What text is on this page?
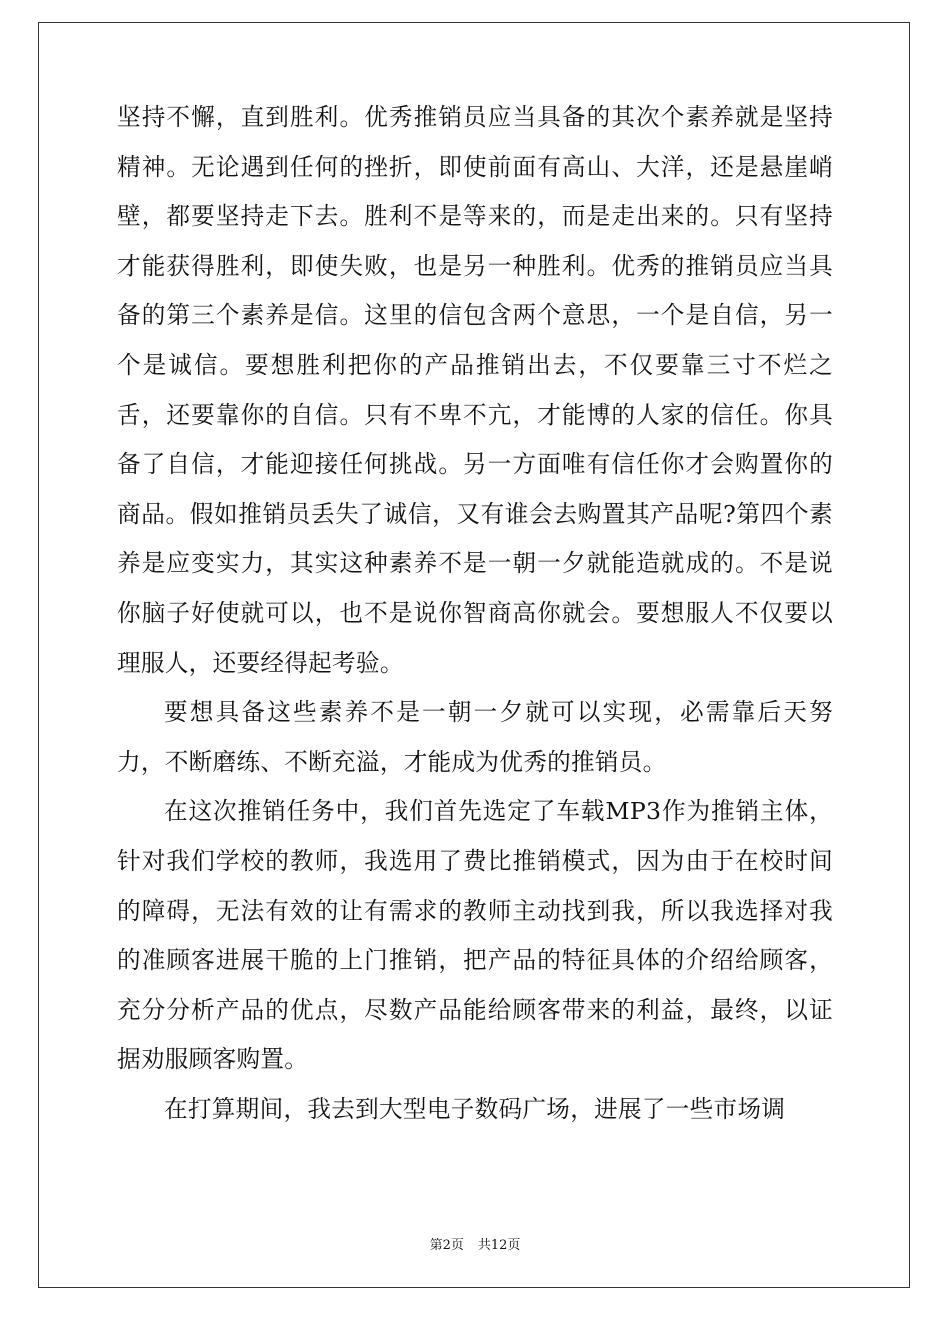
坚持不懈，直到胜利。优秀推销员应当具备的其次个素养就是坚持精神。无论遇到任何的挫折，即使前面有高山、大洋，还是悬崖峭壁，都要坚持走下去。胜利不是等来的，而是走出来的。只有坚持才能获得胜利，即使失败，也是另一种胜利。优秀的推销员应当具备的第三个素养是信。这里的信包含两个意思，一个是自信，另一个是诚信。要想胜利把你的产品推销出去，不仅要靠三寸不烂之舌，还要靠你的自信。只有不卑不亢，才能博的人家的信任。你具备了自信，才能迎接任何挑战。另一方面唯有信任你才会购置你的商品。假如推销员丢失了诚信，又有谁会去购置其产品呢?第四个素养是应变实力，其实这种素养不是一朝一夕就能造就成的。不是说你脑子好使就可以，也不是说你智商高你就会。要想服人不仅要以理服人，还要经得起考验。

要想具备这些素养不是一朝一夕就可以实现，必需靠后天努力，不断磨练、不断充溢，才能成为优秀的推销员。

在这次推销任务中，我们首先选定了车载MP3作为推销主体，针对我们学校的教师，我选用了费比推销模式，因为由于在校时间的障碍，无法有效的让有需求的教师主动找到我，所以我选择对我的准顾客进展干脆的上门推销，把产品的特征具体的介绍给顾客，充分分析产品的优点，尽数产品能给顾客带来的利益，最终，以证据劝服顾客购置。

在打算期间，我去到大型电子数码广场，进展了一些市场调

第2页 共12页
